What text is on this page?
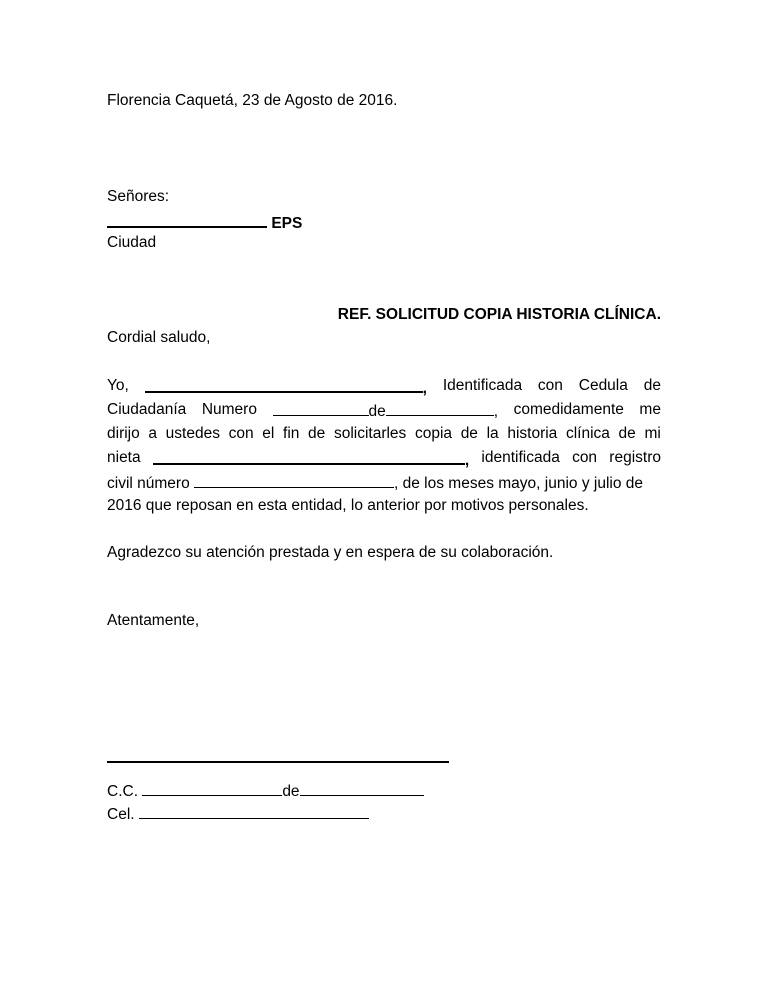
Florencia Caquetá, 23 de Agosto de 2016.
Señores:
EPS
Ciudad
REF. SOLICITUD COPIA HISTORIA CLÍNICA.
Cordial saludo,
Yo,	, Identificada con Cedula de
Ciudadanía Numero	de	, comedidamente me
dirijo a ustedes con el fin de solicitarles copia de la historia clínica de mi
nieta	, identificada con registro
civil número	, de los meses mayo, junio y julio de
2016 que reposan en esta entidad, lo anterior por motivos personales.
Agradezco su atención prestada y en espera de su colaboración.
Atentamente,
C.C.	de
Cel.
